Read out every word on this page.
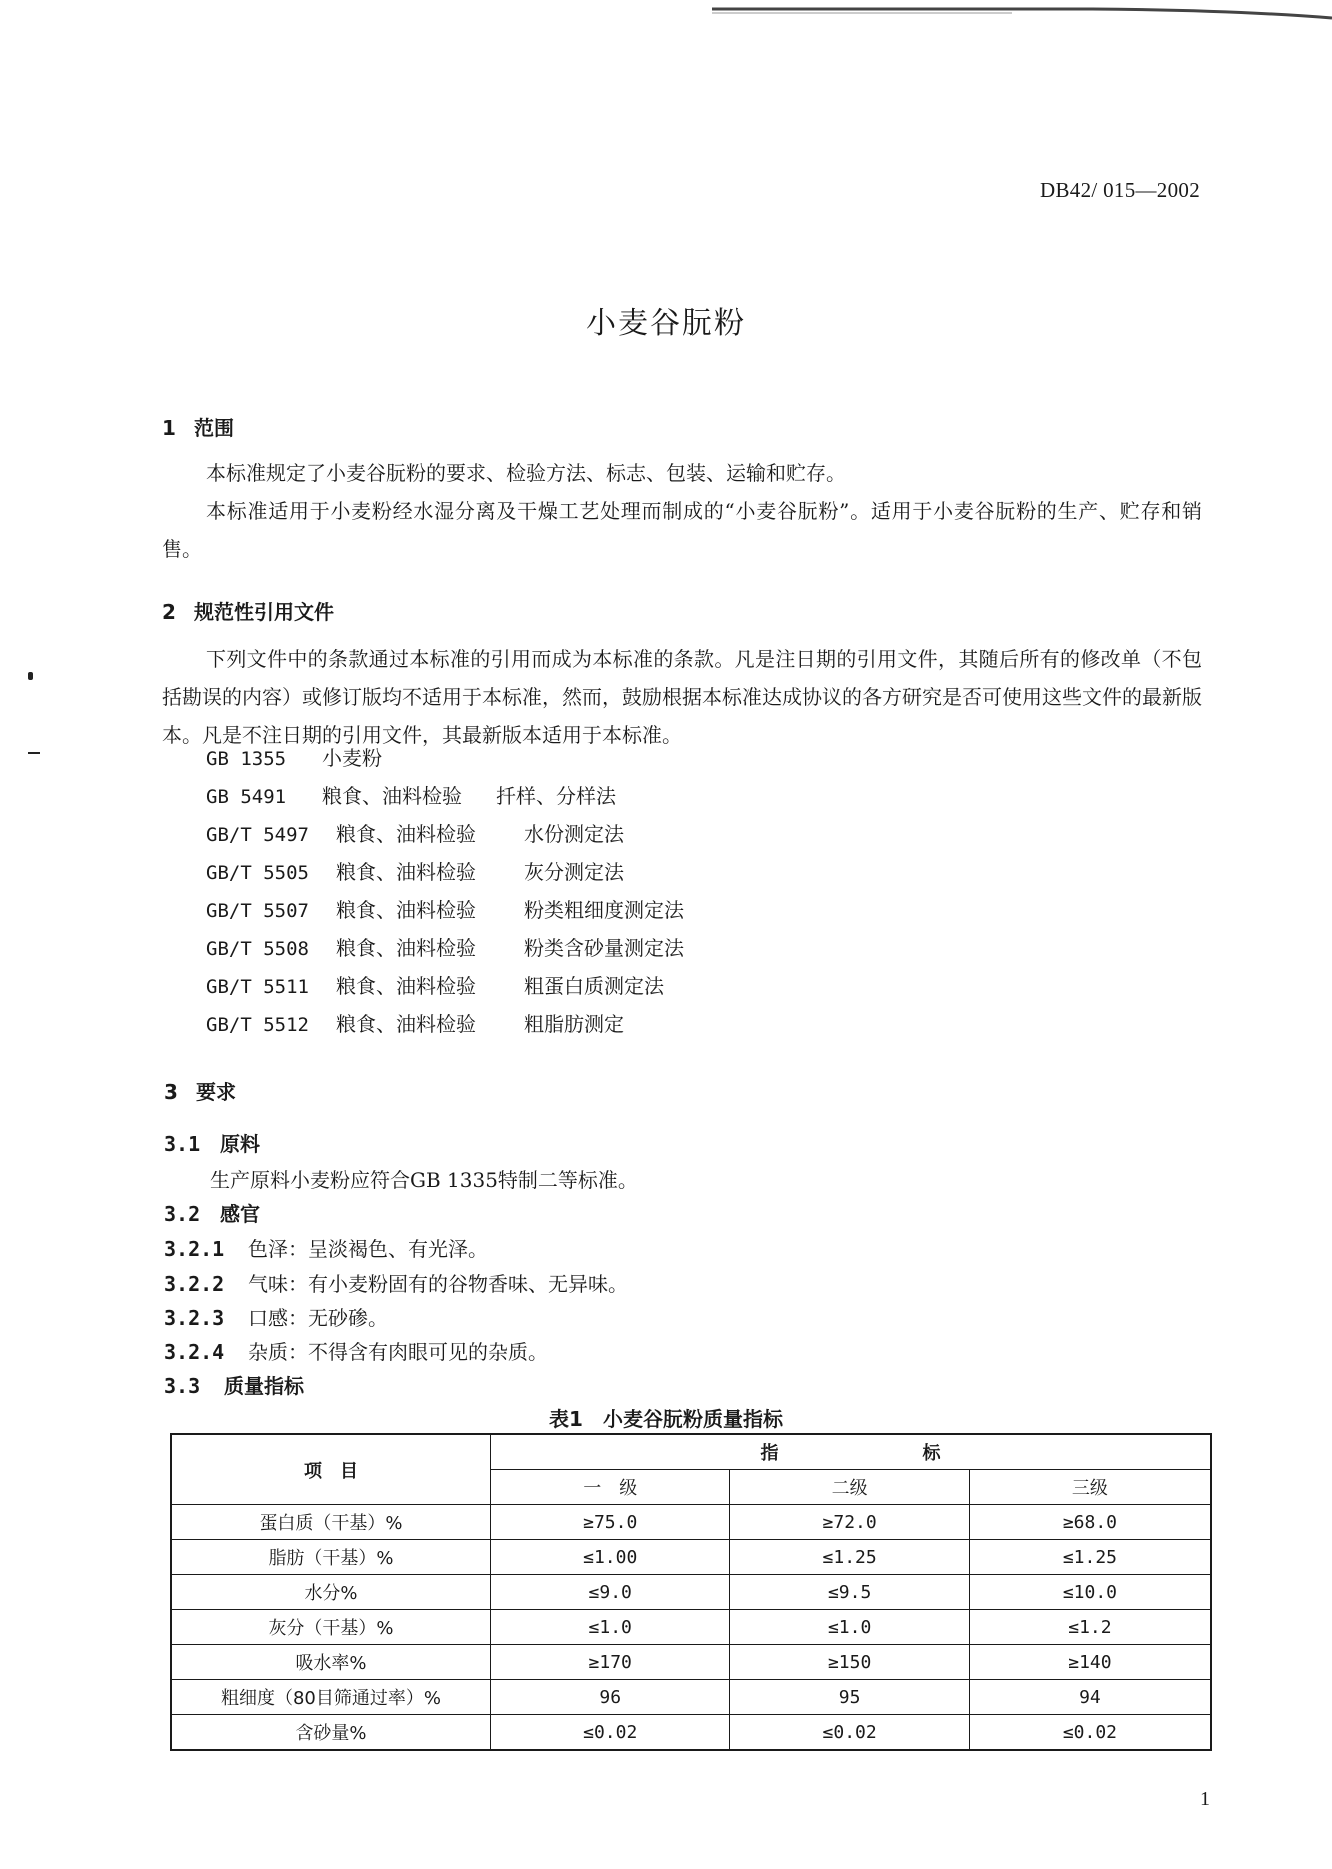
DB42/ 015—2002
小麦谷朊粉
1 范围

本标准规定了小麦谷朊粉的要求、检验方法、标志、包装、运输和贮存。

本标准适用于小麦粉经水湿分离及干燥工艺处理而制成的“小麦谷朊粉”。适用于小麦谷朊粉的生产、贮存和销售。

2 规范性引用文件

下列文件中的条款通过本标准的引用而成为本标准的条款。凡是注日期的引用文件，其随后所有的修改单（不包括勘误的内容）或修订版均不适用于本标准，然而，鼓励根据本标准达成协议的各方研究是否可使用这些文件的最新版本。凡是不注日期的引用文件，其最新版本适用于本标准。

GB 1355 小麦粉
GB 5491 粮食、油料检验 扦样、分样法
GB/T 5497 粮食、油料检验 水份测定法
GB/T 5505 粮食、油料检验 灰分测定法
GB/T 5507 粮食、油料检验 粉类粗细度测定法
GB/T 5508 粮食、油料检验 粉类含砂量测定法
GB/T 5511 粮食、油料检验 粗蛋白质测定法
GB/T 5512 粮食、油料检验 粗脂肪测定
3 要求
3.1 原料
生产原料小麦粉应符合GB 1335特制二等标准。
3.2 感官
3.2.1 色泽：呈淡褐色、有光泽。
3.2.2 气味：有小麦粉固有的谷物香味、无异味。
3.2.3 口感：无砂碜。
3.2.4 杂质：不得含有肉眼可见的杂质。
3.3 质量指标
表1　小麦谷朊粉质量指标
项　目	指　　　　　　　　标		
	一　级	二级	三级
蛋白质（干基）%	≥75.0	≥72.0	≥68.0
脂肪（干基）%	≤1.00	≤1.25	≤1.25
水分%	≤9.0	≤9.5	≤10.0
灰分（干基）%	≤1.0	≤1.0	≤1.2
吸水率%	≥170	≥150	≥140
粗细度（80目筛通过率）%	96	95	94
含砂量%	≤0.02	≤0.02	≤0.02
1
